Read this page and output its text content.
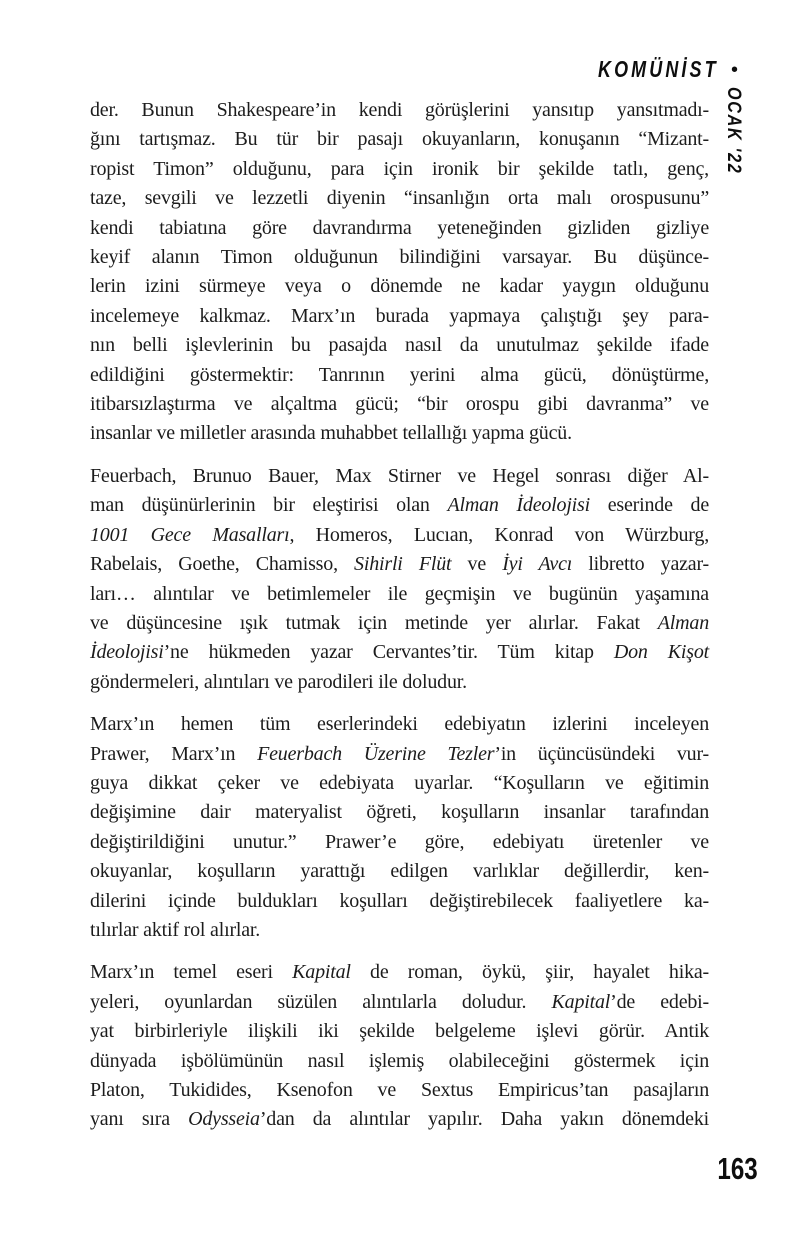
KOMÜNİST •
OCAK '22
der. Bunun Shakespeare’in kendi görüşlerini yansıtıp yansıtmadı-
ğını tartışmaz. Bu tür bir pasajı okuyanların, konuşanın “Mizant-
ropist Timon” olduğunu, para için ironik bir şekilde tatlı, genç,
taze, sevgili ve lezzetli diyenin “insanlığın orta malı orospusunu”
kendi tabiatına göre davrandırma yeteneğinden gizliden gizliye
keyif alanın Timon olduğunun bilindiğini varsayar. Bu düşünce-
lerin izini sürmeye veya o dönemde ne kadar yaygın olduğunu
incelemeye kalkmaz. Marx’ın burada yapmaya çalıştığı şey para-
nın belli işlevlerinin bu pasajda nasıl da unutulmaz şekilde ifade
edildiğini göstermektir: Tanrının yerini alma gücü, dönüştürme,
itibarsızlaştırma ve alçaltma gücü; “bir orospu gibi davranma” ve
insanlar ve milletler arasında muhabbet tellallığı yapma gücü.
Feuerbach, Brunuo Bauer, Max Stirner ve Hegel sonrası diğer Al-
man düşünürlerinin bir eleştirisi olan Alman İdeolojisi eserinde de
1001 Gece Masalları, Homeros, Lucıan, Konrad von Würzburg,
Rabelais, Goethe, Chamisso, Sihirli Flüt ve İyi Avcı libretto yazar-
ları… alıntılar ve betimlemeler ile geçmişin ve bugünün yaşamına
ve düşüncesine ışık tutmak için metinde yer alırlar. Fakat Alman
İdeolojisi’ne hükmeden yazar Cervantes’tir. Tüm kitap Don Kişot
göndermeleri, alıntıları ve parodileri ile doludur.
Marx’ın hemen tüm eserlerindeki edebiyatın izlerini inceleyen
Prawer, Marx’ın Feuerbach Üzerine Tezler’in üçüncüsündeki vur-
guya dikkat çeker ve edebiyata uyarlar. “Koşulların ve eğitimin
değişimine dair materyalist öğreti, koşulların insanlar tarafından
değiştirildiğini unutur.” Prawer’e göre, edebiyatı üretenler ve
okuyanlar, koşulların yarattığı edilgen varlıklar değillerdir, ken-
dilerini içinde buldukları koşulları değiştirebilecek faaliyetlere ka-
tılırlar aktif rol alırlar.
Marx’ın temel eseri Kapital de roman, öykü, şiir, hayalet hika-
yeleri, oyunlardan süzülen alıntılarla doludur. Kapital’de edebi-
yat birbirleriyle ilişkili iki şekilde belgeleme işlevi görür. Antik
dünyada işbölümünün nasıl işlemiş olabileceğini göstermek için
Platon, Tukidides, Ksenofon ve Sextus Empiricus’tan pasajların
yanı sıra Odysseia’dan da alıntılar yapılır. Daha yakın dönemdeki
163
